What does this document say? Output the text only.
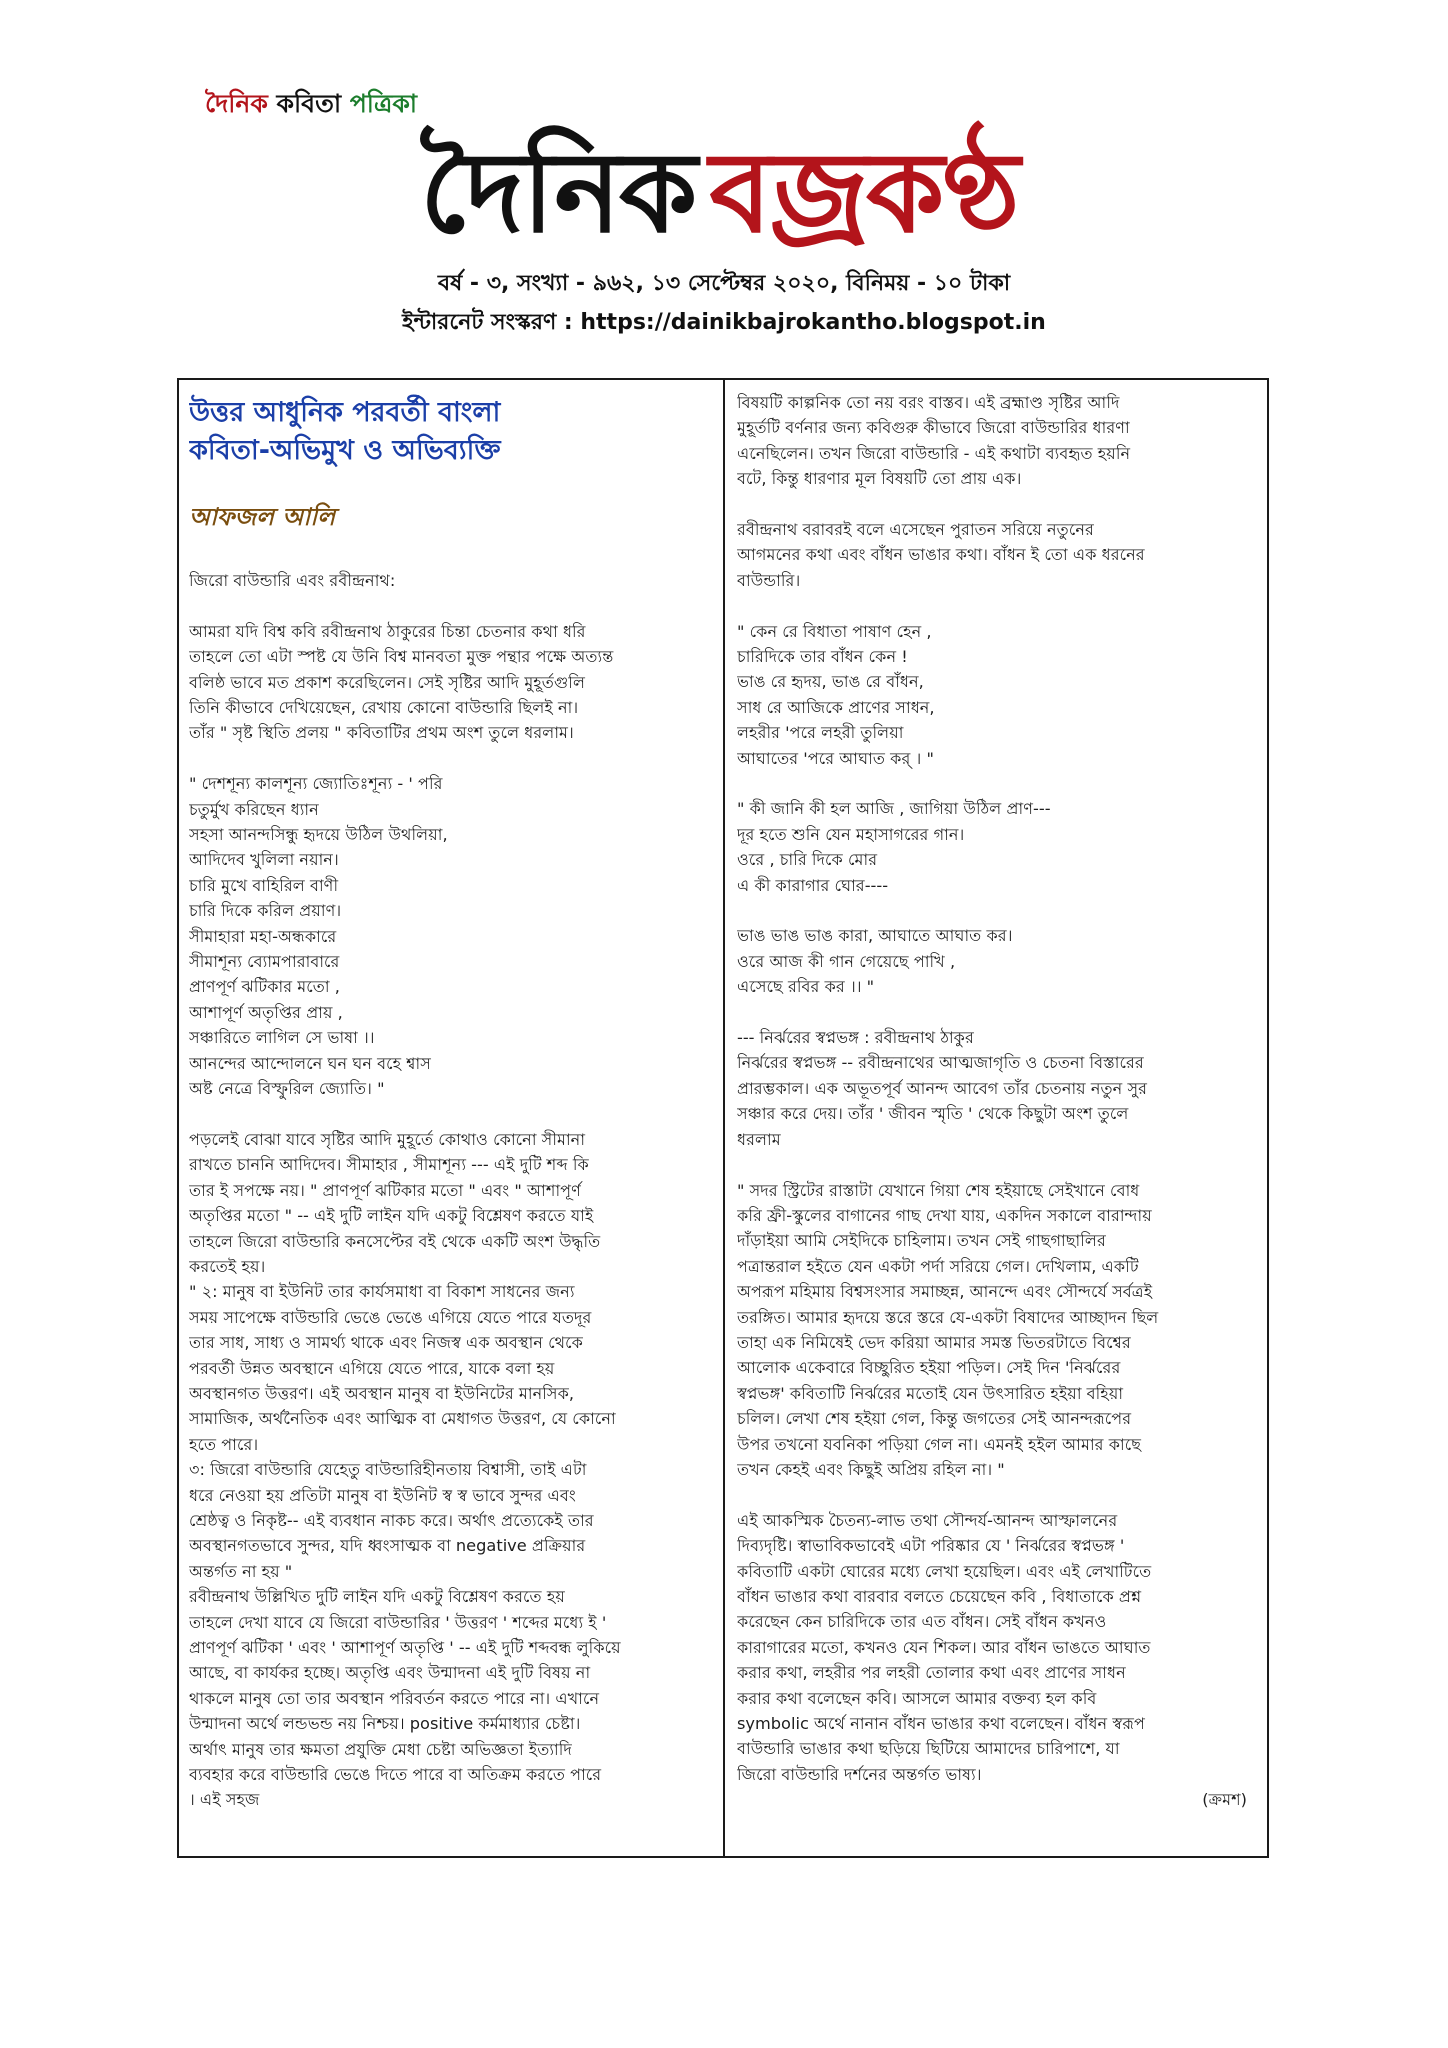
দৈনিক কবিতা পত্রিকা
দৈনিক বজ্রকণ্ঠ
বর্ষ - ৩, সংখ্যা - ৯৬২, ১৩ সেপ্টেম্বর ২০২০, বিনিময় - ১০ টাকা
ইন্টারনেট সংস্করণ : https://dainikbajrokantho.blogspot.in
উত্তর আধুনিক পরবর্তী বাংলা
কবিতা-অভিমুখ ও অভিব্যক্তি
আফজল আলি
জিরো বাউন্ডারি এবং রবীন্দ্রনাথ:
আমরা যদি বিশ্ব কবি রবীন্দ্রনাথ ঠাকুরের চিন্তা চেতনার কথা ধরি
তাহলে তো এটা স্পষ্ট যে উনি বিশ্ব মানবতা মুক্ত পন্থার পক্ষে অত্যন্ত
বলিষ্ঠ ভাবে মত প্রকাশ করেছিলেন। সেই সৃষ্টির আদি মুহূর্তগুলি
তিনি কীভাবে দেখিয়েছেন, রেখায় কোনো বাউন্ডারি ছিলই না।
তাঁর " সৃষ্ট স্থিতি প্রলয় " কবিতাটির প্রথম অংশ তুলে ধরলাম।
" দেশশূন্য কালশূন্য জ্যোতিঃশূন্য - ' পরি
চতুর্মুখ করিছেন ধ্যান
সহসা আনন্দসিন্ধু হৃদয়ে উঠিল উথলিয়া,
আদিদেব খুলিলা নয়ান।
চারি মুখে বাহিরিল বাণী
চারি দিকে করিল প্রয়াণ।
সীমাহারা মহা-অন্ধকারে
সীমাশূন্য ব্যোমপারাবারে
প্রাণপূর্ণ ঝটিকার মতো ,
আশাপূর্ণ অতৃপ্তির প্রায় ,
সঞ্চারিতে লাগিল সে ভাষা ।।
আনন্দের আন্দোলনে ঘন ঘন বহে শ্বাস
অষ্ট নেত্রে বিস্ফুরিল জ্যোতি। "
পড়লেই বোঝা যাবে সৃষ্টির আদি মুহূর্তে কোথাও কোনো সীমানা
রাখতে চাননি আদিদেব। সীমাহার , সীমাশূন্য --- এই দুটি শব্দ কি
তার ই সপক্ষে নয়। " প্রাণপূর্ণ ঝটিকার মতো " এবং " আশাপূর্ণ
অতৃপ্তির মতো " -- এই দুটি লাইন যদি একটু বিশ্লেষণ করতে যাই
তাহলে জিরো বাউন্ডারি কনসেপ্টের বই থেকে একটি অংশ উদ্ধৃতি
করতেই হয়।
" ২: মানুষ বা ইউনিট তার কার্যসমাধা বা বিকাশ সাধনের জন্য
সময় সাপেক্ষে বাউন্ডারি ভেঙে ভেঙে এগিয়ে যেতে পারে যতদূর
তার সাধ, সাধ্য ও সামর্থ্য থাকে এবং নিজস্ব এক অবস্থান থেকে
পরবর্তী উন্নত অবস্থানে এগিয়ে যেতে পারে, যাকে বলা হয়
অবস্থানগত উত্তরণ। এই অবস্থান মানুষ বা ইউনিটের মানসিক,
সামাজিক, অর্থনৈতিক এবং আত্মিক বা মেধাগত উত্তরণ, যে কোনো
হতে পারে।
৩: জিরো বাউন্ডারি যেহেতু বাউন্ডারিহীনতায় বিশ্বাসী, তাই এটা
ধরে নেওয়া হয় প্রতিটা মানুষ বা ইউনিট স্ব স্ব ভাবে সুন্দর এবং
শ্রেষ্ঠত্ব ও নিকৃষ্ট-- এই ব্যবধান নাকচ করে। অর্থাৎ প্রত্যেকেই তার
অবস্থানগতভাবে সুন্দর, যদি ধ্বংসাত্মক বা negative প্রক্রিয়ার
অন্তর্গত না হয় "
রবীন্দ্রনাথ উল্লিখিত দুটি লাইন যদি একটু বিশ্লেষণ করতে হয়
তাহলে দেখা যাবে যে জিরো বাউন্ডারির ' উত্তরণ ' শব্দের মধ্যে ই '
প্রাণপূর্ণ ঝটিকা ' এবং ' আশাপূর্ণ অতৃপ্তি ' -- এই দুটি শব্দবন্ধ লুকিয়ে
আছে, বা কার্যকর হচ্ছে। অতৃপ্তি এবং উন্মাদনা এই দুটি বিষয় না
থাকলে মানুষ তো তার অবস্থান পরিবর্তন করতে পারে না। এখানে
উন্মাদনা অর্থে লন্ডভন্ড নয় নিশ্চয়। positive কর্মমাধ্যার চেষ্টা।
অর্থাৎ মানুষ তার ক্ষমতা প্রযুক্তি মেধা চেষ্টা অভিজ্ঞতা ইত্যাদি
ব্যবহার করে বাউন্ডারি ভেঙে দিতে পারে বা অতিক্রম করতে পারে
। এই সহজ
বিষয়টি কাল্পনিক তো নয় বরং বাস্তব। এই ব্রহ্মাণ্ড সৃষ্টির আদি
মুহূর্তটি বর্ণনার জন্য কবিগুরু কীভাবে জিরো বাউন্ডারির ধারণা
এনেছিলেন। তখন জিরো বাউন্ডারি - এই কথাটা ব্যবহৃত হয়নি
বটে, কিন্তু ধারণার মূল বিষয়টি তো প্রায় এক।
রবীন্দ্রনাথ বরাবরই বলে এসেছেন পুরাতন সরিয়ে নতুনের
আগমনের কথা এবং বাঁধন ভাঙার কথা। বাঁধন ই তো এক ধরনের
বাউন্ডারি।
" কেন রে বিধাতা পাষাণ হেন ,
চারিদিকে তার বাঁধন কেন !
ভাঙ রে হৃদয়, ভাঙ রে বাঁধন,
সাধ রে আজিকে প্রাণের সাধন,
লহরীর 'পরে লহরী তুলিয়া
আঘাতের 'পরে আঘাত কর্‌ । "
" কী জানি কী হল আজি , জাগিয়া উঠিল প্রাণ---
দূর হতে শুনি যেন মহাসাগরের গান।
ওরে , চারি দিকে মোর
এ কী কারাগার ঘোর----
ভাঙ ভাঙ ভাঙ কারা, আঘাতে আঘাত কর।
ওরে আজ কী গান গেয়েছে পাখি ,
এসেছে রবির কর ।। "
--- নির্ঝরের স্বপ্নভঙ্গ : রবীন্দ্রনাথ ঠাকুর
নির্ঝরের স্বপ্নভঙ্গ -- রবীন্দ্রনাথের আত্মজাগৃতি ও চেতনা বিস্তারের
প্রারম্ভকাল। এক অভূতপূর্ব আনন্দ আবেগ তাঁর চেতনায় নতুন সুর
সঞ্চার করে দেয়। তাঁর ' জীবন স্মৃতি ' থেকে কিছুটা অংশ তুলে
ধরলাম
" সদর স্ট্রিটের রাস্তাটা যেখানে গিয়া শেষ হইয়াছে সেইখানে বোধ
করি ফ্রী-স্কুলের বাগানের গাছ দেখা যায়, একদিন সকালে বারান্দায়
দাঁড়াইয়া আমি সেইদিকে চাহিলাম। তখন সেই গাছগাছালির
পত্রান্তরাল হইতে যেন একটা পর্দা সরিয়ে গেল। দেখিলাম, একটি
অপরূপ মহিমায় বিশ্বসংসার সমাচ্ছন্ন, আনন্দে এবং সৌন্দর্যে সর্বত্রই
তরঙ্গিত। আমার হৃদয়ে স্তরে স্তরে যে-একটা বিষাদের আচ্ছাদন ছিল
তাহা এক নিমিষেই ভেদ করিয়া আমার সমস্ত ভিতরটাতে বিশ্বের
আলোক একেবারে বিচ্ছুরিত হইয়া পড়িল। সেই দিন 'নির্ঝরের
স্বপ্নভঙ্গ' কবিতাটি নির্ঝরের মতোই যেন উৎসারিত হইয়া বহিয়া
চলিল। লেখা শেষ হইয়া গেল, কিন্তু জগতের সেই আনন্দরূপের
উপর তখনো যবনিকা পড়িয়া গেল না। এমনই হইল আমার কাছে
তখন কেহই এবং কিছুই অপ্রিয় রহিল না। "
এই আকস্মিক চৈতন্য-লাভ তথা সৌন্দর্য-আনন্দ আস্ফালনের
দিব্যদৃষ্টি। স্বাভাবিকভাবেই এটা পরিষ্কার যে ' নির্ঝরের স্বপ্নভঙ্গ '
কবিতাটি একটা ঘোরের মধ্যে লেখা হয়েছিল। এবং এই লেখাটিতে
বাঁধন ভাঙার কথা বারবার বলতে চেয়েছেন কবি , বিধাতাকে প্রশ্ন
করেছেন কেন চারিদিকে তার এত বাঁধন। সেই বাঁধন কখনও
কারাগারের মতো, কখনও যেন শিকল। আর বাঁধন ভাঙতে আঘাত
করার কথা, লহরীর পর লহরী তোলার কথা এবং প্রাণের সাধন
করার কথা বলেছেন কবি। আসলে আমার বক্তব্য হল কবি
symbolic অর্থে নানান বাঁধন ভাঙার কথা বলেছেন। বাঁধন স্বরূপ
বাউন্ডারি ভাঙার কথা ছড়িয়ে ছিটিয়ে আমাদের চারিপাশে, যা
জিরো বাউন্ডারি দর্শনের অন্তর্গত ভাষ্য।
(ক্রমশ)
